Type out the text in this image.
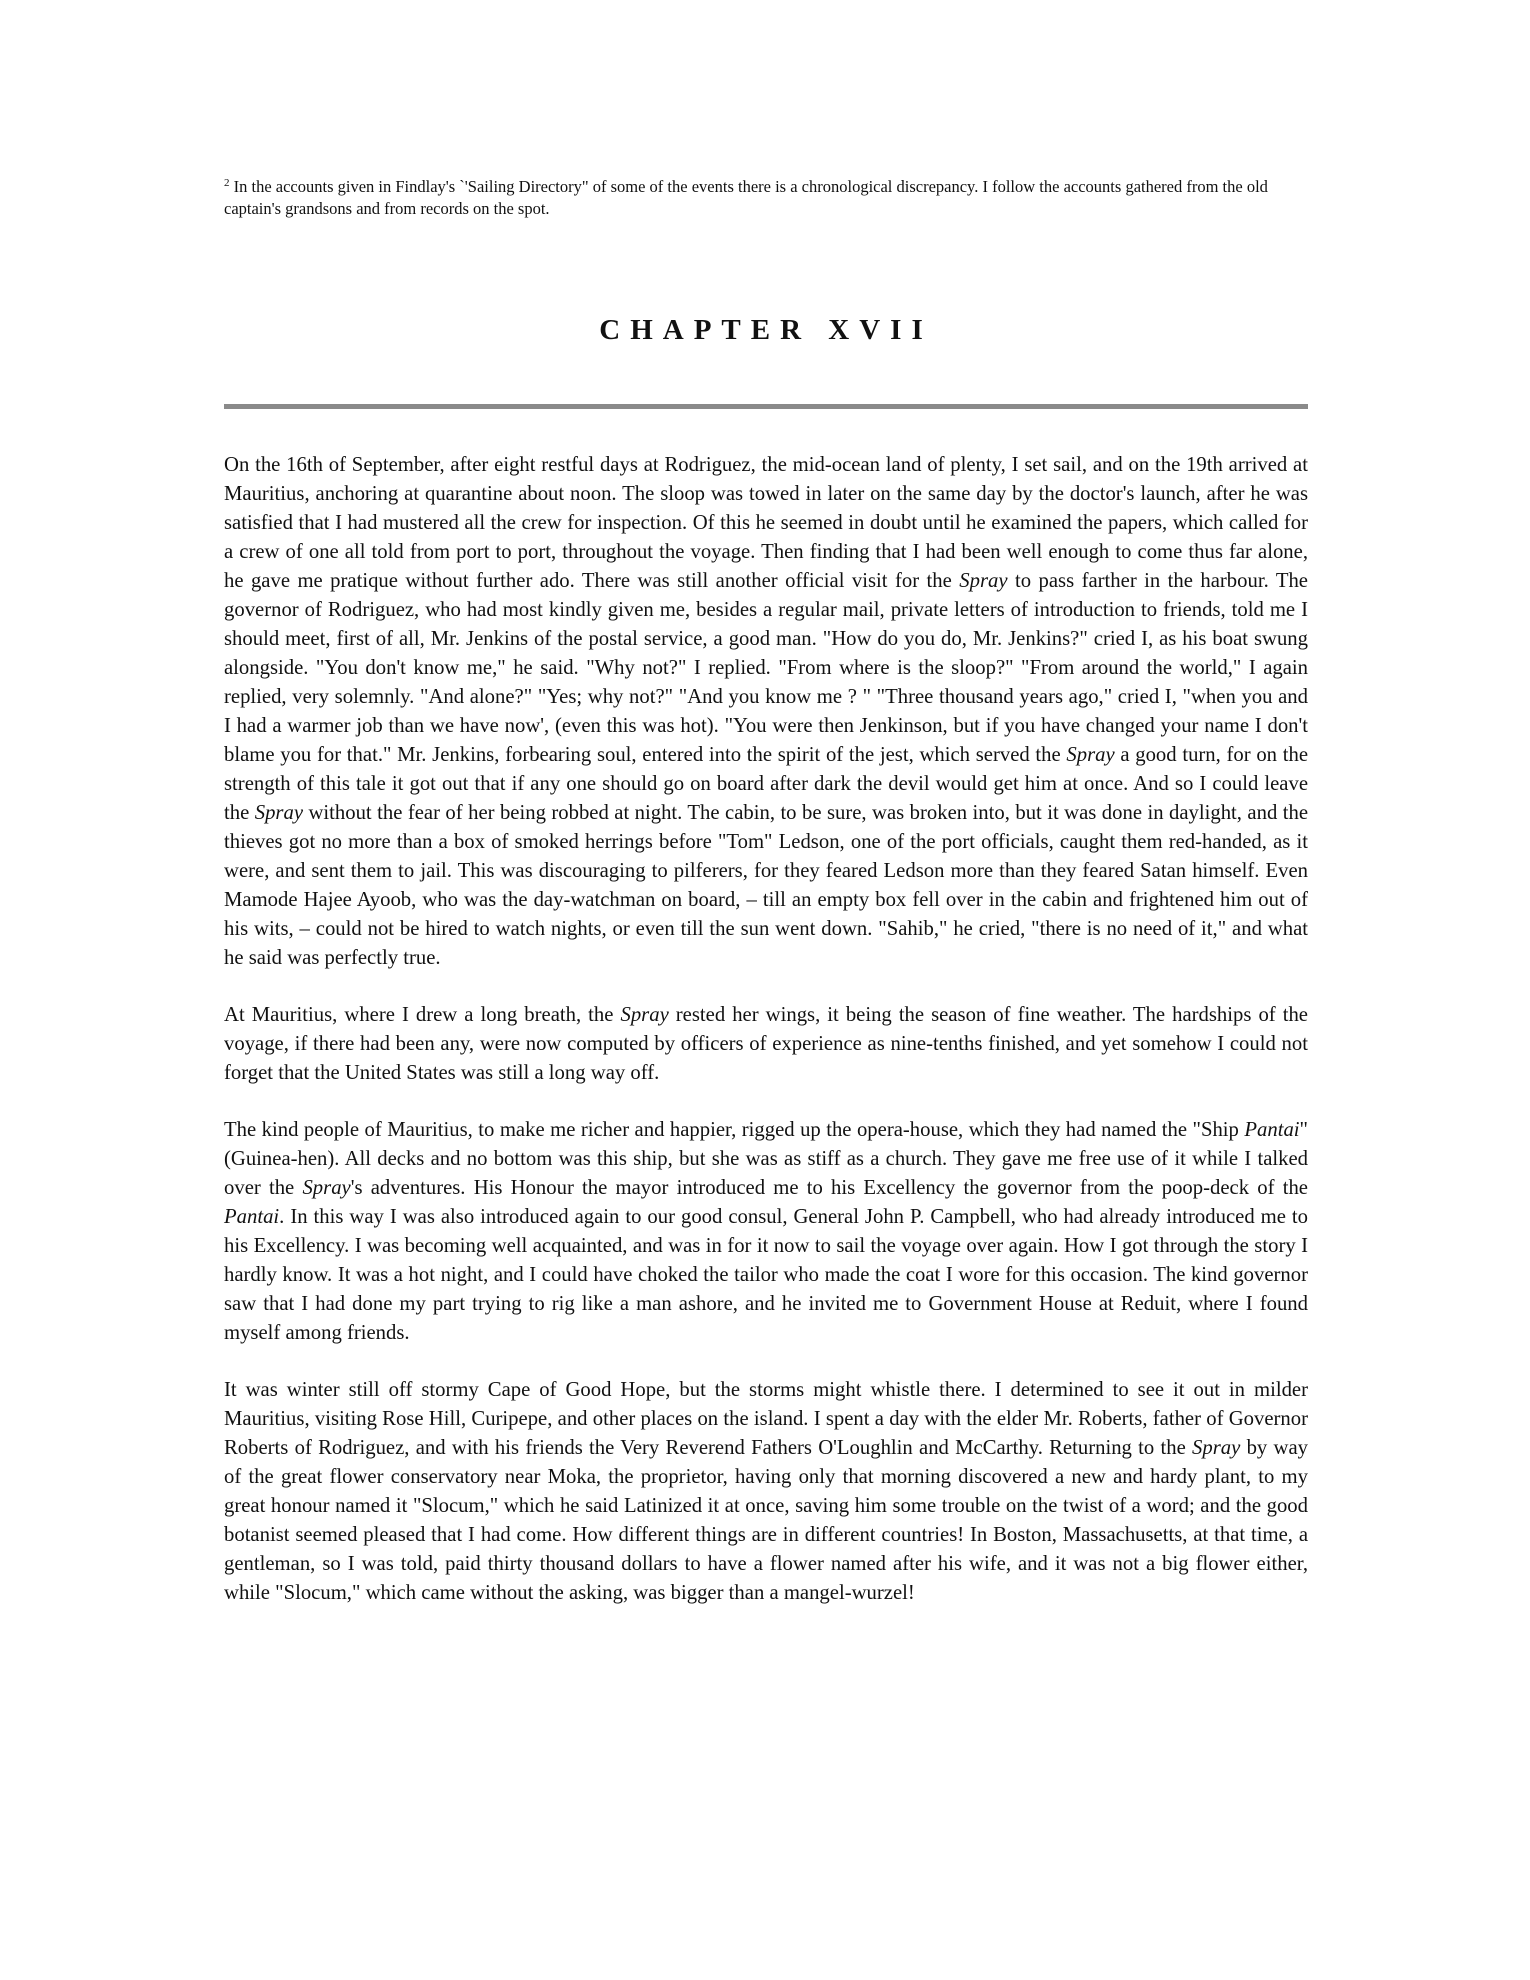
$^2$ In the accounts given in Findlay's `'Sailing Directory" of some of the events there is a chronological discrepancy. I follow the accounts gathered from the old captain's grandsons and from records on the spot.
CHAPTER XVII

On the 16th of September, after eight restful days at Rodriguez, the mid-ocean land of plenty, I set sail, and on the 19th arrived at Mauritius, anchoring at quarantine about noon. The sloop was towed in later on the same day by the doctor's launch, after he was satisfied that I had mustered all the crew for inspection. Of this he seemed in doubt until he examined the papers, which called for a crew of one all told from port to port, throughout the voyage. Then finding that I had been well enough to come thus far alone, he gave me pratique without further ado. There was still another official visit for the Spray to pass farther in the harbour. The governor of Rodriguez, who had most kindly given me, besides a regular mail, private letters of introduction to friends, told me I should meet, first of all, Mr. Jenkins of the postal service, a good man. "How do you do, Mr. Jenkins?" cried I, as his boat swung alongside. "You don't know me," he said. "Why not?" I replied. "From where is the sloop?" "From around the world," I again replied, very solemnly. "And alone?" "Yes; why not?" "And you know me ? " "Three thousand years ago," cried I, "when you and I had a warmer job than we have now', (even this was hot). "You were then Jenkinson, but if you have changed your name I don't blame you for that." Mr. Jenkins, forbearing soul, entered into the spirit of the jest, which served the Spray a good turn, for on the strength of this tale it got out that if any one should go on board after dark the devil would get him at once. And so I could leave the Spray without the fear of her being robbed at night. The cabin, to be sure, was broken into, but it was done in daylight, and the thieves got no more than a box of smoked herrings before "Tom" Ledson, one of the port officials, caught them red-handed, as it were, and sent them to jail. This was discouraging to pilferers, for they feared Ledson more than they feared Satan himself. Even Mamode Hajee Ayoob, who was the day-watchman on board, – till an empty box fell over in the cabin and frightened him out of his wits, – could not be hired to watch nights, or even till the sun went down. "Sahib," he cried, "there is no need of it," and what he said was perfectly true.

At Mauritius, where I drew a long breath, the Spray rested her wings, it being the season of fine weather. The hardships of the voyage, if there had been any, were now computed by officers of experience as nine-tenths finished, and yet somehow I could not forget that the United States was still a long way off.

The kind people of Mauritius, to make me richer and happier, rigged up the opera-house, which they had named the "Ship Pantai" (Guinea-hen). All decks and no bottom was this ship, but she was as stiff as a church. They gave me free use of it while I talked over the Spray's adventures. His Honour the mayor introduced me to his Excellency the governor from the poop-deck of the Pantai. In this way I was also introduced again to our good consul, General John P. Campbell, who had already introduced me to his Excellency. I was becoming well acquainted, and was in for it now to sail the voyage over again. How I got through the story I hardly know. It was a hot night, and I could have choked the tailor who made the coat I wore for this occasion. The kind governor saw that I had done my part trying to rig like a man ashore, and he invited me to Government House at Reduit, where I found myself among friends.

It was winter still off stormy Cape of Good Hope, but the storms might whistle there. I determined to see it out in milder Mauritius, visiting Rose Hill, Curipepe, and other places on the island. I spent a day with the elder Mr. Roberts, father of Governor Roberts of Rodriguez, and with his friends the Very Reverend Fathers O'Loughlin and McCarthy. Returning to the Spray by way of the great flower conservatory near Moka, the proprietor, having only that morning discovered a new and hardy plant, to my great honour named it "Slocum," which he said Latinized it at once, saving him some trouble on the twist of a word; and the good botanist seemed pleased that I had come. How different things are in different countries! In Boston, Massachusetts, at that time, a gentleman, so I was told, paid thirty thousand dollars to have a flower named after his wife, and it was not a big flower either, while "Slocum," which came without the asking, was bigger than a mangel-wurzel!
